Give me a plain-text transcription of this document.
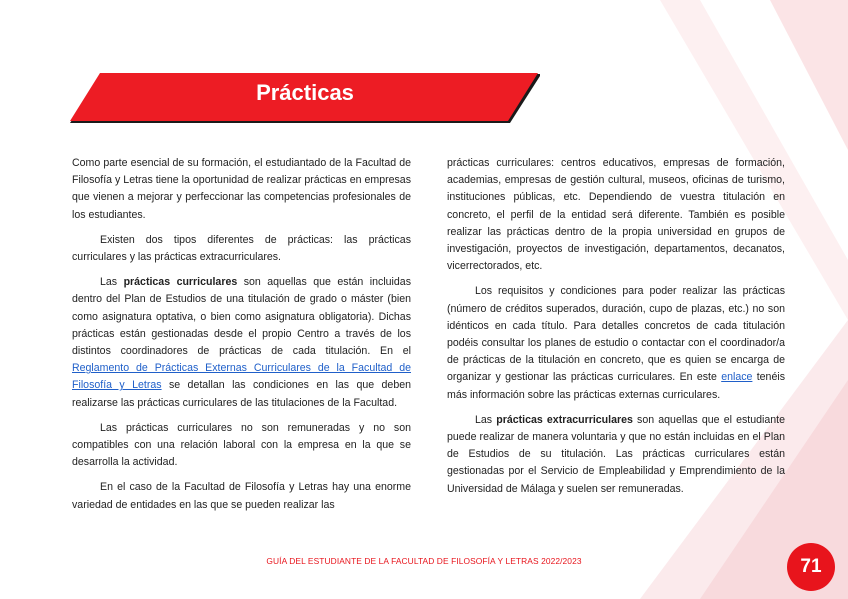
Prácticas

Como parte esencial de su formación, el estudiantado de la Facultad de Filosofía y Letras tiene la oportunidad de realizar prácticas en empresas que vienen a mejorar y perfeccionar las competencias profesionales de los estudiantes.

Existen dos tipos diferentes de prácticas: las prácticas curriculares y las prácticas extracurriculares.

Las prácticas curriculares son aquellas que están incluidas dentro del Plan de Estudios de una titulación de grado o máster (bien como asignatura optativa, o bien como asignatura obligatoria). Dichas prácticas están gestionadas desde el propio Centro a través de los distintos coordinadores de prácticas de cada titulación. En el Reglamento de Prácticas Externas Curriculares de la Facultad de Filosofía y Letras se detallan las condiciones en las que deben realizarse las prácticas curriculares de las titulaciones de la Facultad.

Las prácticas curriculares no son remuneradas y no son compatibles con una relación laboral con la empresa en la que se desarrolla la actividad.

En el caso de la Facultad de Filosofía y Letras hay una enorme variedad de entidades en las que se pueden realizar las

prácticas curriculares: centros educativos, empresas de formación, academias, empresas de gestión cultural, museos, oficinas de turismo, instituciones públicas, etc. Dependiendo de vuestra titulación en concreto, el perfil de la entidad será diferente. También es posible realizar las prácticas dentro de la propia universidad en grupos de investigación, proyectos de investigación, departamentos, decanatos, vicerrectorados, etc.

Los requisitos y condiciones para poder realizar las prácticas (número de créditos superados, duración, cupo de plazas, etc.) no son idénticos en cada título. Para detalles concretos de cada titulación podéis consultar los planes de estudio o contactar con el coordinador/a de prácticas de la titulación en concreto, que es quien se encarga de organizar y gestionar las prácticas curriculares. En este enlace tenéis más información sobre las prácticas externas curriculares.

Las prácticas extracurriculares son aquellas que el estudiante puede realizar de manera voluntaria y que no están incluidas en el Plan de Estudios de su titulación. Las prácticas curriculares están gestionadas por el Servicio de Empleabilidad y Emprendimiento de la Universidad de Málaga y suelen ser remuneradas.

GUÍA DEL ESTUDIANTE DE LA FACULTAD DE FILOSOFÍA Y LETRAS 2022/2023	71
